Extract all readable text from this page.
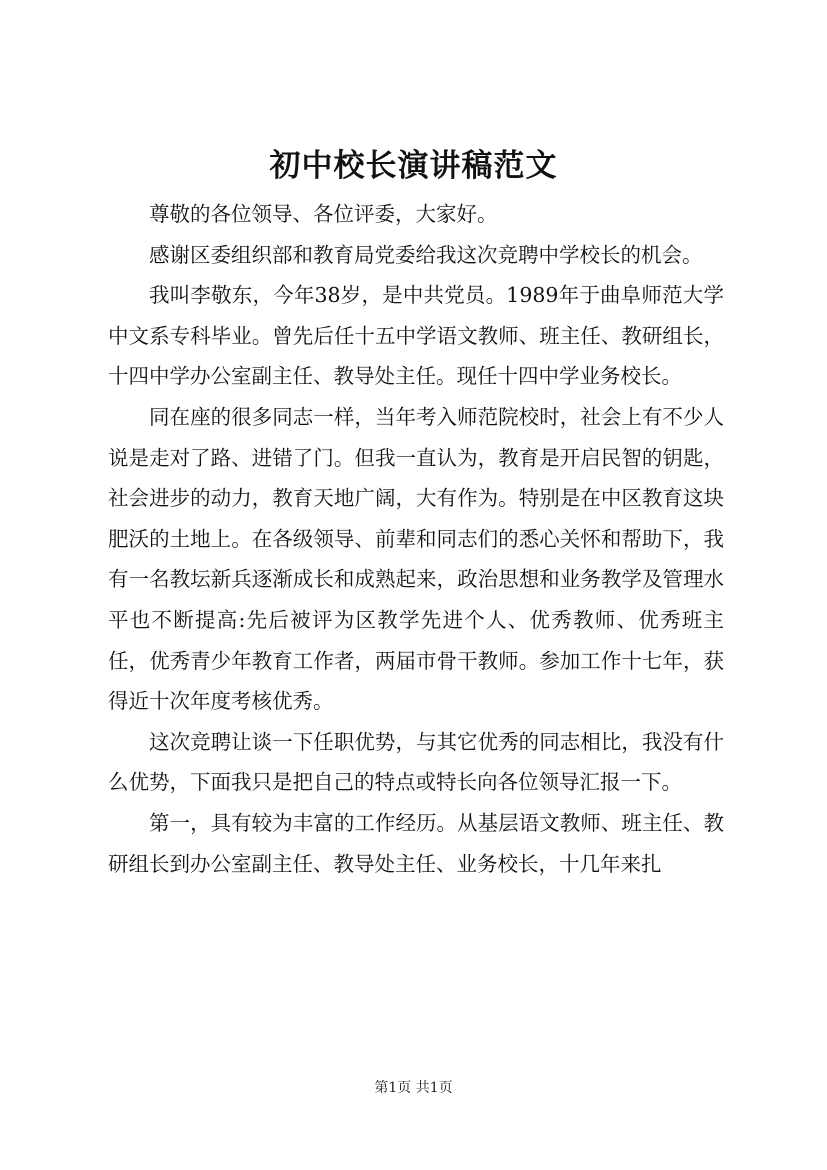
初中校长演讲稿范文

尊敬的各位领导、各位评委，大家好。

感谢区委组织部和教育局党委给我这次竞聘中学校长的机会。

我叫李敬东，今年38岁，是中共党员。1989年于曲阜师范大学中文系专科毕业。曾先后任十五中学语文教师、班主任、教研组长，十四中学办公室副主任、教导处主任。现任十四中学业务校长。

同在座的很多同志一样，当年考入师范院校时，社会上有不少人说是走对了路、进错了门。但我一直认为，教育是开启民智的钥匙，社会进步的动力，教育天地广阔，大有作为。特别是在中区教育这块肥沃的土地上。在各级领导、前辈和同志们的悉心关怀和帮助下，我有一名教坛新兵逐渐成长和成熟起来，政治思想和业务教学及管理水平也不断提高:先后被评为区教学先进个人、优秀教师、优秀班主任，优秀青少年教育工作者，两届市骨干教师。参加工作十七年，获得近十次年度考核优秀。

这次竞聘让谈一下任职优势，与其它优秀的同志相比，我没有什么优势，下面我只是把自己的特点或特长向各位领导汇报一下。

第一，具有较为丰富的工作经历。从基层语文教师、班主任、教研组长到办公室副主任、教导处主任、业务校长，十几年来扎

第1页 共1页
